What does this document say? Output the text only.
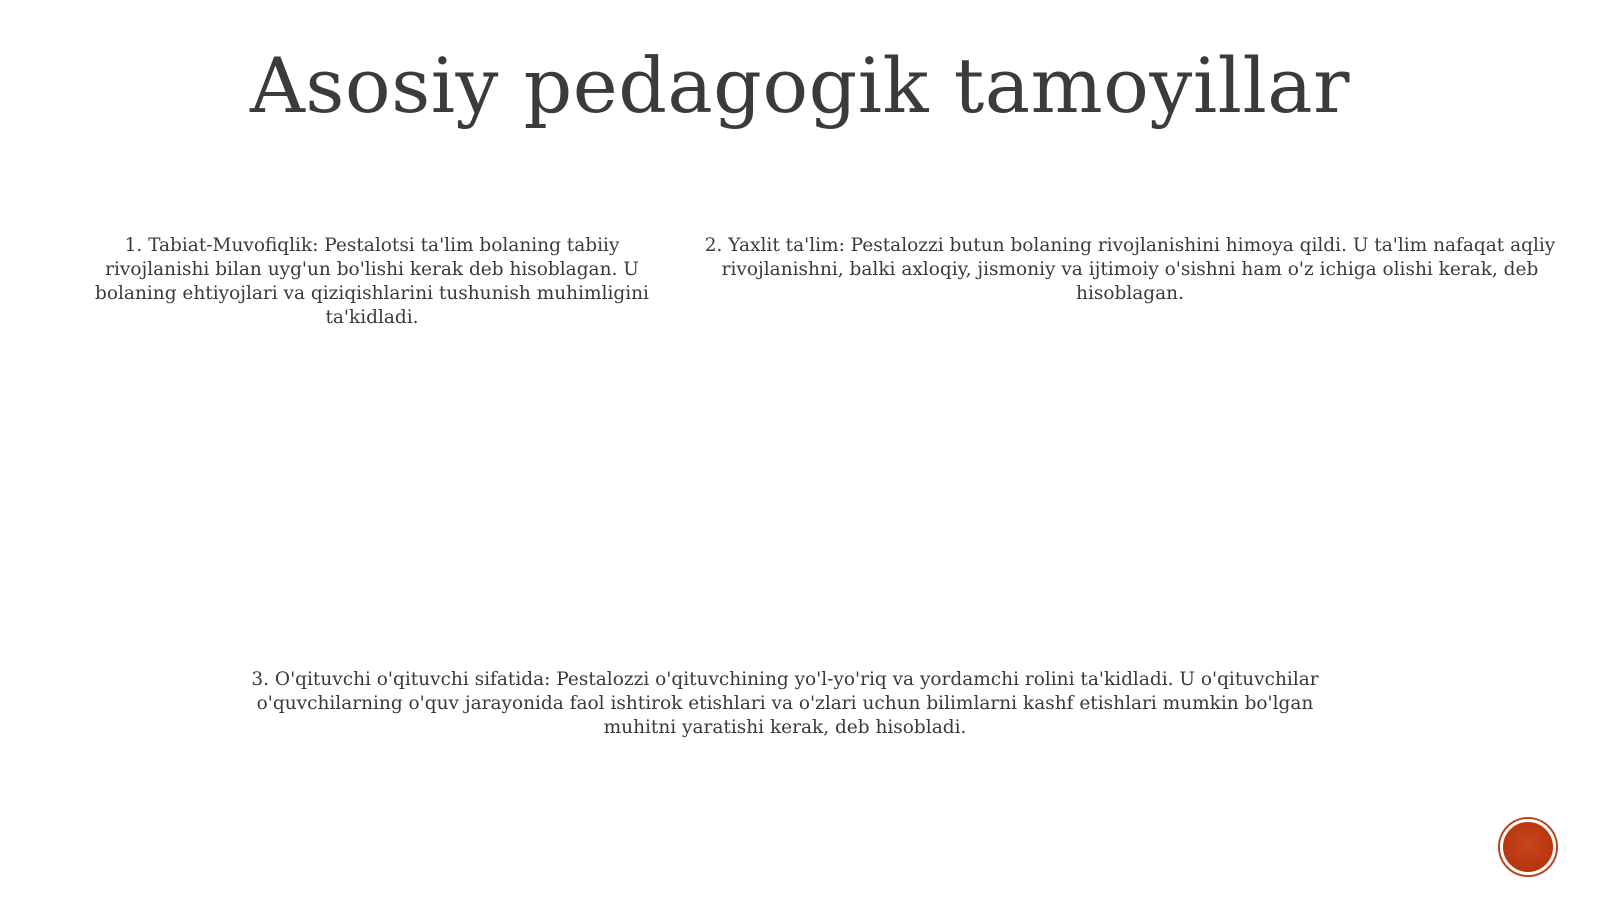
Asosiy pedagogik tamoyillar

1. Tabiat-Muvofiqlik: Pestalotsi ta'lim bolaning tabiiy rivojlanishi bilan uyg'un bo'lishi kerak deb hisoblagan. U bolaning ehtiyojlari va qiziqishlarini tushunish muhimligini ta'kidladi.

2. Yaxlit ta'lim: Pestalozzi butun bolaning rivojlanishini himoya qildi. U ta'lim nafaqat aqliy rivojlanishni, balki axloqiy, jismoniy va ijtimoiy o'sishni ham o'z ichiga olishi kerak, deb hisoblagan.

3. O'qituvchi o'qituvchi sifatida: Pestalozzi o'qituvchining yo'l-yo'riq va yordamchi rolini ta'kidladi. U o'qituvchilar o'quvchilarning o'quv jarayonida faol ishtirok etishlari va o'zlari uchun bilimlarni kashf etishlari mumkin bo'lgan muhitni yaratishi kerak, deb hisobladi.
